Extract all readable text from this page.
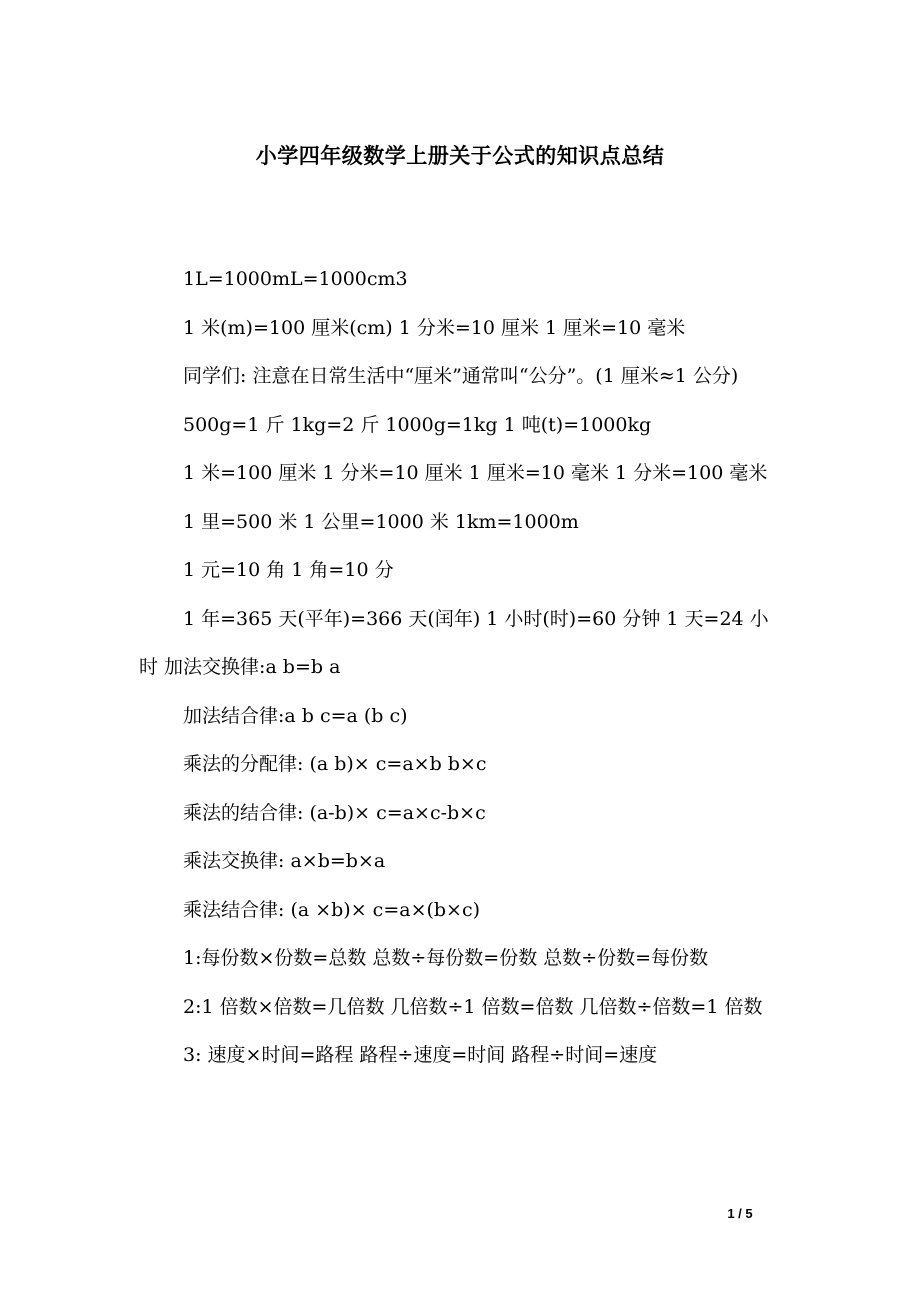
小学四年级数学上册关于公式的知识点总结

1L=1000mL=1000cm3

1 米(m)=100 厘米(cm) 1 分米=10 厘米 1 厘米=10 毫米

同学们: 注意在日常生活中“厘米”通常叫“公分”。(1 厘米≈1 公分)

500g=1 斤 1kg=2 斤 1000g=1kg 1 吨(t)=1000kg

1 米=100 厘米 1 分米=10 厘米 1 厘米=10 毫米 1 分米=100 毫米

1 里=500 米 1 公里=1000 米 1km=1000m

1 元=10 角 1 角=10 分

1 年=365 天(平年)=366 天(闰年) 1 小时(时)=60 分钟 1 天=24 小时 加法交换律:a b=b a

加法结合律:a b c=a (b c)

乘法的分配律: (a b)× c=a×b b×c

乘法的结合律: (a-b)× c=a×c-b×c

乘法交换律: a×b=b×a

乘法结合律: (a ×b)× c=a×(b×c)

1:每份数×份数=总数 总数÷每份数=份数 总数÷份数=每份数

2:1 倍数×倍数=几倍数 几倍数÷1 倍数=倍数 几倍数÷倍数=1 倍数

3: 速度×时间=路程 路程÷速度=时间 路程÷时间=速度

1 / 5
